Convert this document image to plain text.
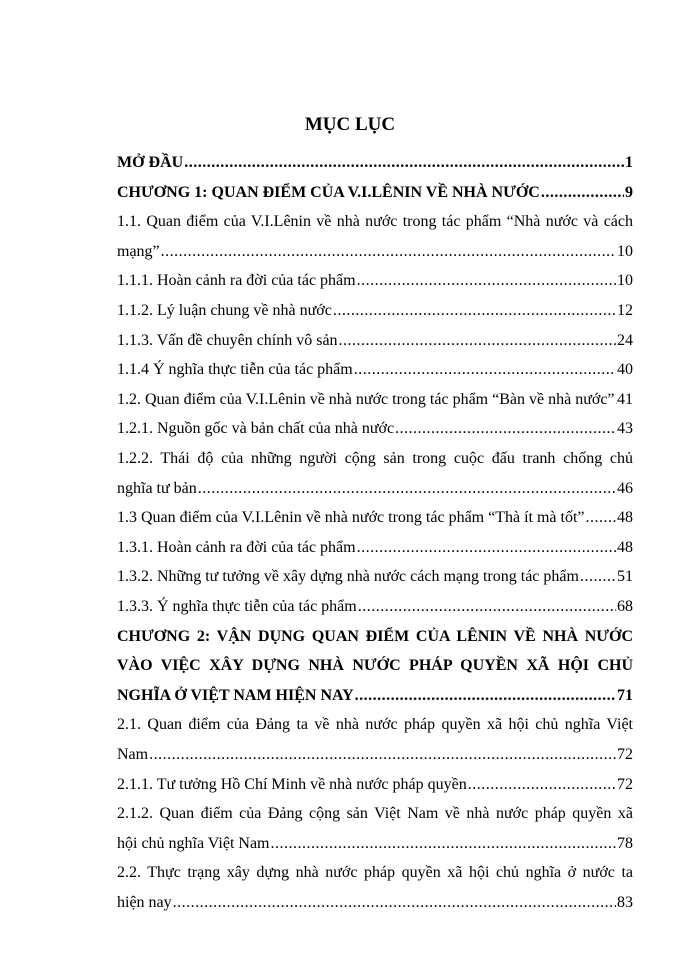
MỤC LỤC
MỞ ĐẦU .....	1
CHƯƠNG 1: QUAN ĐIỂM CỦA V.I.LÊNIN VỀ NHÀ NƯỚC .....	9
1.1. Quan điểm của V.I.Lênin về nhà nước trong tác phẩm “Nhà nước và cách
mạng” .....	10
1.1.1. Hoàn cảnh ra đời của tác phẩm .....	10
1.1.2. Lý luận chung về nhà nước .....	12
1.1.3. Vấn đề chuyên chính vô sản .....	24
1.1.4 Ý nghĩa thực tiễn của tác phẩm .....	40
1.2. Quan điểm của V.I.Lênin về nhà nước trong tác phẩm “Bàn về nhà nước” ..... 41
1.2.1. Nguồn gốc và bản chất của nhà nước .....	43
1.2.2. Thái độ của những người cộng sản trong cuộc đấu tranh chống chủ
nghĩa tư bản .....	46
1.3 Quan điểm của V.I.Lênin về nhà nước trong tác phẩm “Thà ít mà tốt” ..... 48
1.3.1. Hoàn cảnh ra đời của tác phẩm .....	48
1.3.2. Những tư tưởng về xây dựng nhà nước cách mạng trong tác phẩm ..... 51
1.3.3. Ý nghĩa thực tiễn của tác phẩm .....	68
CHƯƠNG 2: VẬN DỤNG QUAN ĐIỂM CỦA LÊNIN VỀ NHÀ NƯỚC
VÀO VIỆC XÂY DỰNG NHÀ NƯỚC PHÁP QUYỀN XÃ HỘI CHỦ
NGHĨA Ở VIỆT NAM HIỆN NAY .....	71
2.1. Quan điểm của Đảng ta về nhà nước pháp quyền xã hội chủ nghĩa Việt
Nam .....	72
2.1.1. Tư tưởng Hồ Chí Minh về nhà nước pháp quyền .....	72
2.1.2. Quan điểm của Đảng cộng sản Việt Nam về nhà nước pháp quyền xã
hội chủ nghĩa Việt Nam .....	78
2.2. Thực trạng xây dựng nhà nước pháp quyền xã hội chủ nghĩa ở nước ta
hiện nay .....	83
